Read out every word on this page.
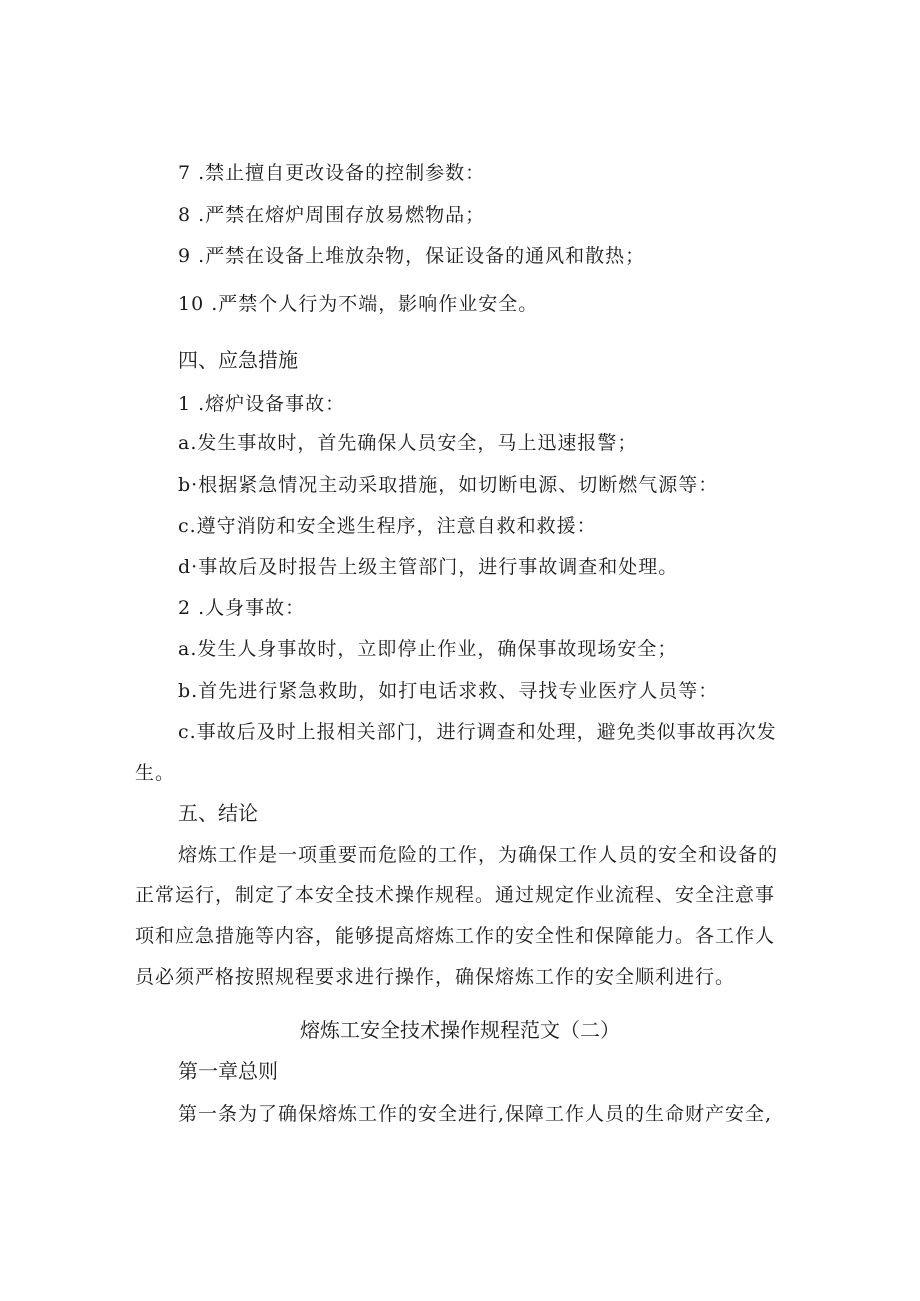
7 .禁止擅自更改设备的控制参数：
8 .严禁在熔炉周围存放易燃物品；
9 .严禁在设备上堆放杂物，保证设备的通风和散热；
10 .严禁个人行为不端，影响作业安全。
四、应急措施
1 .熔炉设备事故：
a.发生事故时，首先确保人员安全，马上迅速报警；
b·根据紧急情况主动采取措施，如切断电源、切断燃气源等：
c.遵守消防和安全逃生程序，注意自救和救援：
d·事故后及时报告上级主管部门，进行事故调查和处理。
2 .人身事故：
a.发生人身事故时，立即停止作业，确保事故现场安全；
b.首先进行紧急救助，如打电话求救、寻找专业医疗人员等：
c.事故后及时上报相关部门，进行调查和处理，避免类似事故再次发
生。
五、结论
熔炼工作是一项重要而危险的工作，为确保工作人员的安全和设备的
正常运行，制定了本安全技术操作规程。通过规定作业流程、安全注意事
项和应急措施等内容，能够提高熔炼工作的安全性和保障能力。各工作人
员必须严格按照规程要求进行操作，确保熔炼工作的安全顺利进行。
熔炼工安全技术操作规程范文（二）
第一章总则
第一条为了确保熔炼工作的安全进行,保障工作人员的生命财产安全,
